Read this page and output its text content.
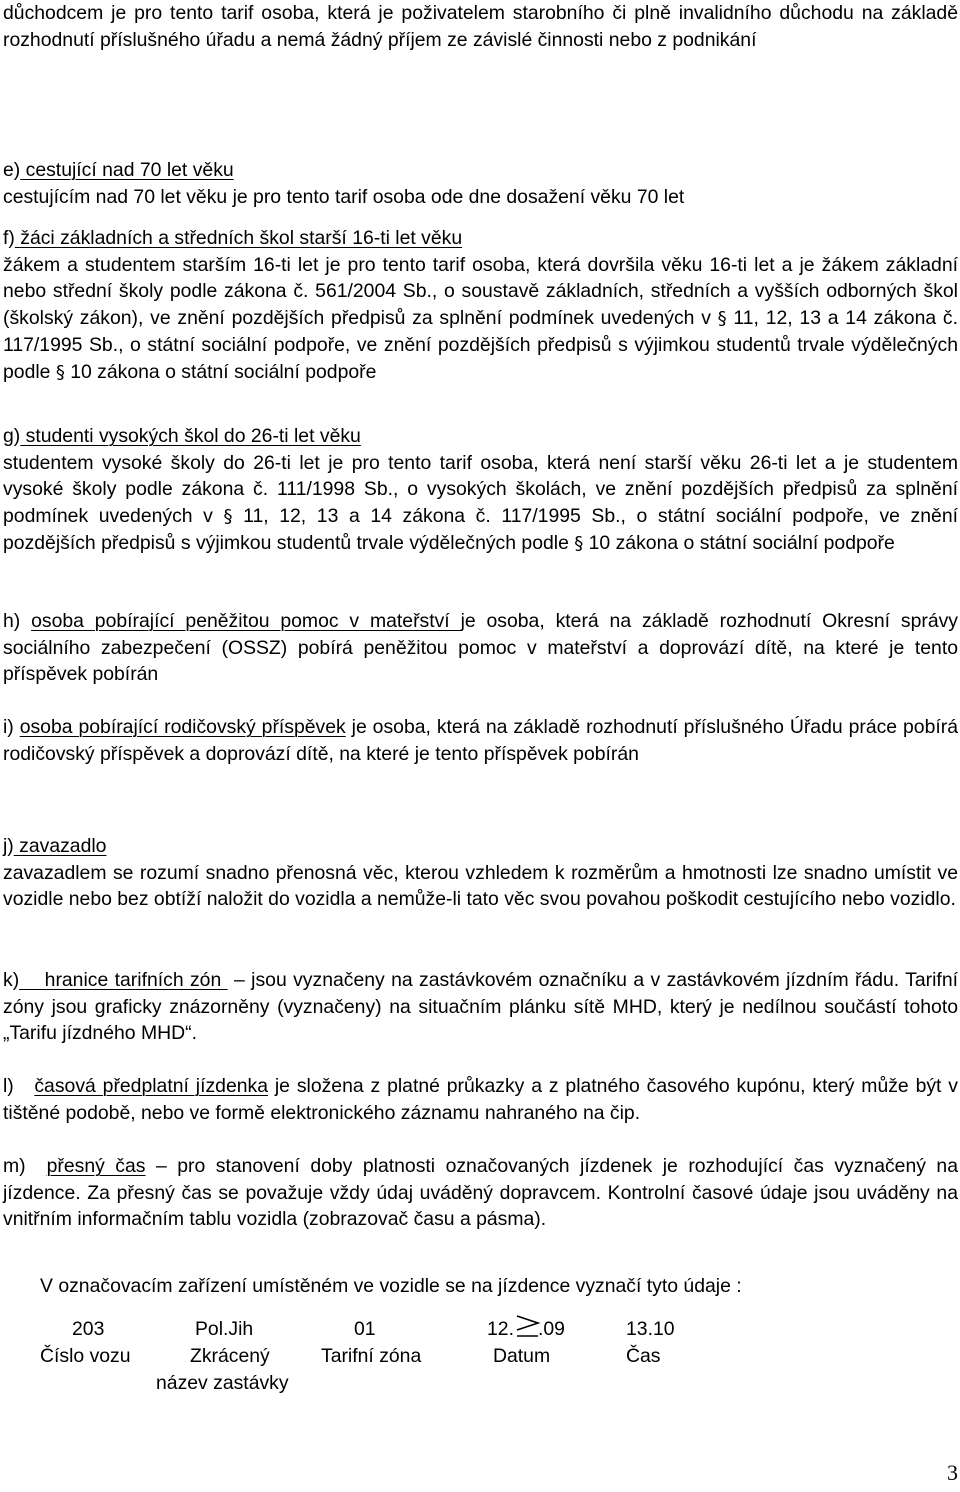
důchodcem je pro tento tarif osoba, která je poživatelem starobního či plně invalidního důchodu na základě rozhodnutí příslušného úřadu a nemá žádný příjem ze závislé činnosti nebo z podnikání
e) cestující nad 70 let věku
cestujícím nad 70 let věku je pro tento tarif osoba ode dne dosažení věku 70 let
f) žáci základních a středních škol starší 16-ti let věku
žákem a studentem starším 16-ti let je pro tento tarif osoba, která dovršila věku 16-ti let a je žákem základní nebo střední školy podle zákona č. 561/2004 Sb., o soustavě základních, středních a vyšších odborných škol (školský zákon), ve znění pozdějších předpisů za splnění podmínek uvedených v § 11, 12, 13 a 14 zákona č. 117/1995 Sb., o státní sociální podpoře, ve znění pozdějších předpisů s výjimkou studentů trvale výdělečných podle § 10 zákona o státní sociální podpoře
g) studenti vysokých škol do 26-ti let věku
studentem vysoké školy do 26-ti let je pro tento tarif osoba, která není starší věku 26-ti let a je studentem vysoké školy podle zákona č. 111/1998 Sb., o vysokých školách, ve znění pozdějších předpisů za splnění podmínek uvedených v § 11, 12, 13 a 14 zákona č. 117/1995 Sb., o státní sociální podpoře, ve znění pozdějších předpisů s výjimkou studentů trvale výdělečných podle § 10 zákona o státní sociální podpoře
h) osoba pobírající peněžitou pomoc v mateřství je osoba, která na základě rozhodnutí Okresní správy sociálního zabezpečení (OSSZ) pobírá peněžitou pomoc v mateřství a doprovází dítě, na které je tento příspěvek pobírán
i) osoba pobírající rodičovský příspěvek je osoba, která na základě rozhodnutí příslušného Úřadu práce pobírá rodičovský příspěvek a doprovází dítě, na které je tento příspěvek pobírán
j) zavazadlo
zavazadlem se rozumí snadno přenosná věc, kterou vzhledem k rozměrům a hmotnosti lze snadno umístit ve vozidle nebo bez obtíží naložit do vozidla a nemůže-li tato věc svou povahou poškodit cestujícího nebo vozidlo.
k)    hranice tarifních zón  – jsou vyznačeny na zastávkovém označníku a v zastávkovém jízdním řádu. Tarifní zóny jsou graficky znázorněny (vyznačeny) na situačním plánku sítě MHD, který je nedílnou součástí tohoto „Tarifu jízdného MHD“.
l)   časová předplatní jízdenka je složena z platné průkazky a z platného časového kupónu, který může být v tištěné podobě, nebo ve formě elektronického záznamu nahraného na čip.
m)  přesný čas – pro stanovení doby platnosti označovaných jízdenek je rozhodující čas vyznačený na jízdence. Za přesný čas se považuje vždy údaj uváděný dopravcem. Kontrolní časové údaje jsou uváděny na vnitřním informačním tablu vozidla (zobrazovač času a pásma).
V označovacím zařízení umístěném ve vozidle se na jízdence vyznačí tyto údaje :
203	Pol.Jih	01	12. .09	13.10
Číslo vozu	Zkrácený	Tarifní zóna	Datum	Čas
název zastávky
3
